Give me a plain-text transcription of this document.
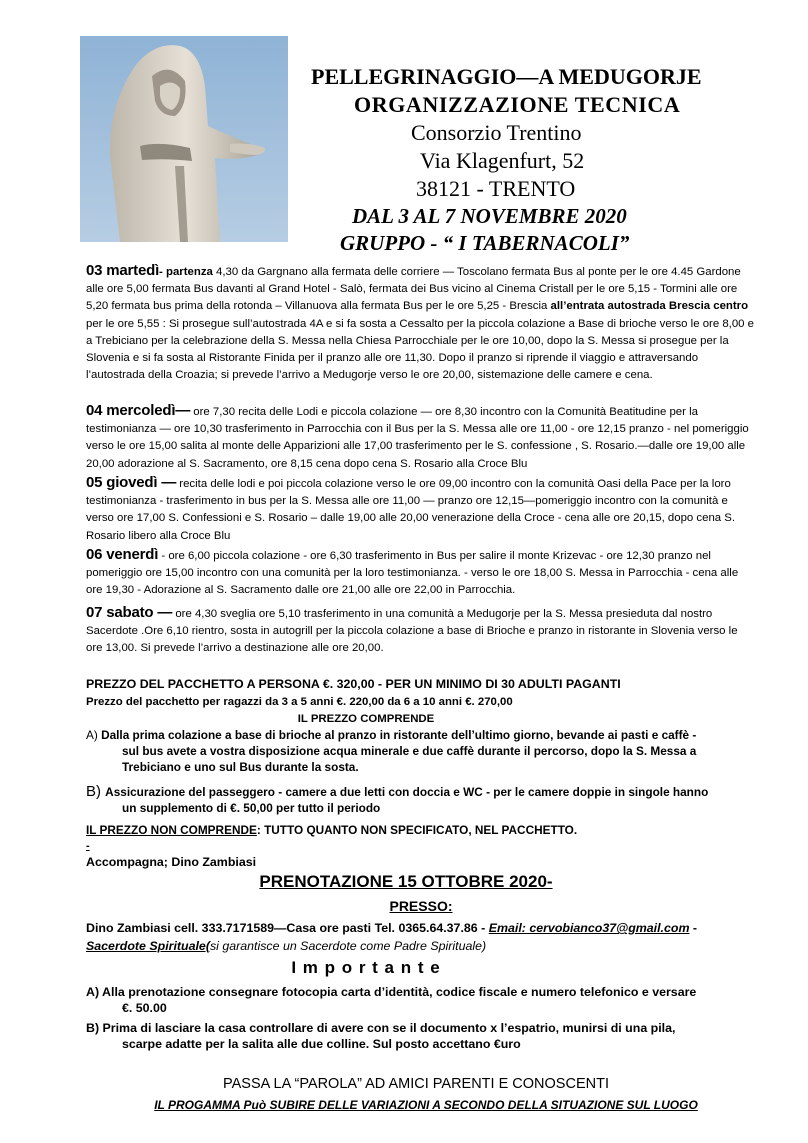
PELLEGRINAGGIO—A MEDUGORJE
ORGANIZZAZIONE TECNICA
Consorzio Trentino
Via Klagenfurt, 52
38121 - TRENTO
DAL 3 AL 7 NOVEMBRE 2020
GRUPPO - “ I TABERNACOLI”

03 martedì- partenza 4,30 da Gargnano alla fermata delle corriere — Toscolano fermata Bus al ponte per le ore 4.45 Gardone alle ore 5,00 fermata Bus davanti al Grand Hotel - Salò, fermata dei Bus vicino al Cinema Cristall per le ore 5,15 - Tormini alle ore 5,20 fermata bus prima della rotonda – Villanuova alla fermata Bus per le ore 5,25 - Brescia all’entrata autostrada Brescia centro per le ore 5,55 : Si prosegue sull’autostrada 4A e si fa sosta a Cessalto per la piccola colazione a Base di brioche verso le ore 8,00 e a Trebiciano per la celebrazione della S. Messa nella Chiesa Parrocchiale per le ore 10,00, dopo la S. Messa si prosegue per la Slovenia e si fa sosta al Ristorante Finida per il pranzo alle ore 11,30. Dopo il pranzo si riprende il viaggio e attraversando l’autostrada della Croazia; si prevede l’arrivo a Medugorje verso le ore 20,00, sistemazione delle camere e cena.

04 mercoledì— ore 7,30 recita delle Lodi e piccola colazione — ore 8,30 incontro con la Comunità Beatitudine per la testimonianza — ore 10,30 trasferimento in Parrocchia con il Bus per la S. Messa alle ore 11,00 - ore 12,15 pranzo - nel pomeriggio verso le ore 15,00 salita al monte delle Apparizioni alle 17,00 trasferimento per le S. confessione , S. Rosario.—dalle ore 19,00 alle 20,00 adorazione al S. Sacramento, ore 8,15 cena dopo cena S. Rosario alla Croce Blu

05 giovedì — recita delle lodi e poi piccola colazione verso le ore 09,00 incontro con la comunità Oasi della Pace per la loro testimonianza - trasferimento in bus per la S. Messa alle ore 11,00 — pranzo ore 12,15—pomeriggio incontro con la comunità e verso ore 17,00 S. Confessioni e S. Rosario – dalle 19,00 alle 20,00 venerazione della Croce - cena alle ore 20,15, dopo cena S. Rosario libero alla Croce Blu

06 venerdì - ore 6,00 piccola colazione - ore 6,30 trasferimento in Bus per salire il monte Krizevac - ore 12,30 pranzo nel pomeriggio ore 15,00 incontro con una comunità per la loro testimonianza. - verso le ore 18,00 S. Messa in Parrocchia - cena alle ore 19,30 - Adorazione al S. Sacramento dalle ore 21,00 alle ore 22,00 in Parrocchia.

07 sabato — ore 4,30 sveglia ore 5,10 trasferimento in una comunità a Medugorje per la S. Messa presieduta dal nostro Sacerdote .Ore 6,10 rientro, sosta in autogrill per la piccola colazione a base di Brioche e pranzo in ristorante in Slovenia verso le ore 13,00. Si prevede l’arrivo a destinazione alle ore 20,00.

PREZZO DEL PACCHETTO A PERSONA €. 320,00 - PER UN MINIMO DI 30 ADULTI PAGANTI
Prezzo del pacchetto per ragazzi da 3 a 5 anni €. 220,00 da 6 a 10 anni €. 270,00
IL PREZZO COMPRENDE

A) Dalla prima colazione a base di brioche al pranzo in ristorante dell’ultimo giorno, bevande ai pasti e caffè -

sul bus avete a vostra disposizione acqua minerale e due caffè durante il percorso, dopo la S. Messa a

Trebiciano e uno sul Bus durante la sosta.

B) Assicurazione del passeggero - camere a due letti con doccia e WC - per le camere doppie in singole hanno

un supplemento di €. 50,00 per tutto il periodo

IL PREZZO NON COMPRENDE: TUTTO QUANTO NON SPECIFICATO, NEL PACCHETTO.
-
Accompagna; Dino Zambiasi
PRENOTAZIONE 15 OTTOBRE 2020-
PRESSO:
Dino Zambiasi cell. 333.7171589—Casa ore pasti Tel. 0365.64.37.86 - Email: cervobianco37@gmail.com -
Sacerdote Spirituale(si garantisce un Sacerdote come Padre Spirituale)
I m p o r t a n t e

A) Alla prenotazione consegnare fotocopia carta d’identità, codice fiscale e numero telefonico e versare

€. 50.00

B) Prima di lasciare la casa controllare di avere con se il documento x l’espatrio, munirsi di una pila,

scarpe adatte per la salita alle due colline. Sul posto accettano €uro

PASSA LA “PAROLA” AD AMICI PARENTI E CONOSCENTI
IL PROGAMMA Può SUBIRE DELLE VARIAZIONI A SECONDO DELLA SITUAZIONE SUL LUOGO
